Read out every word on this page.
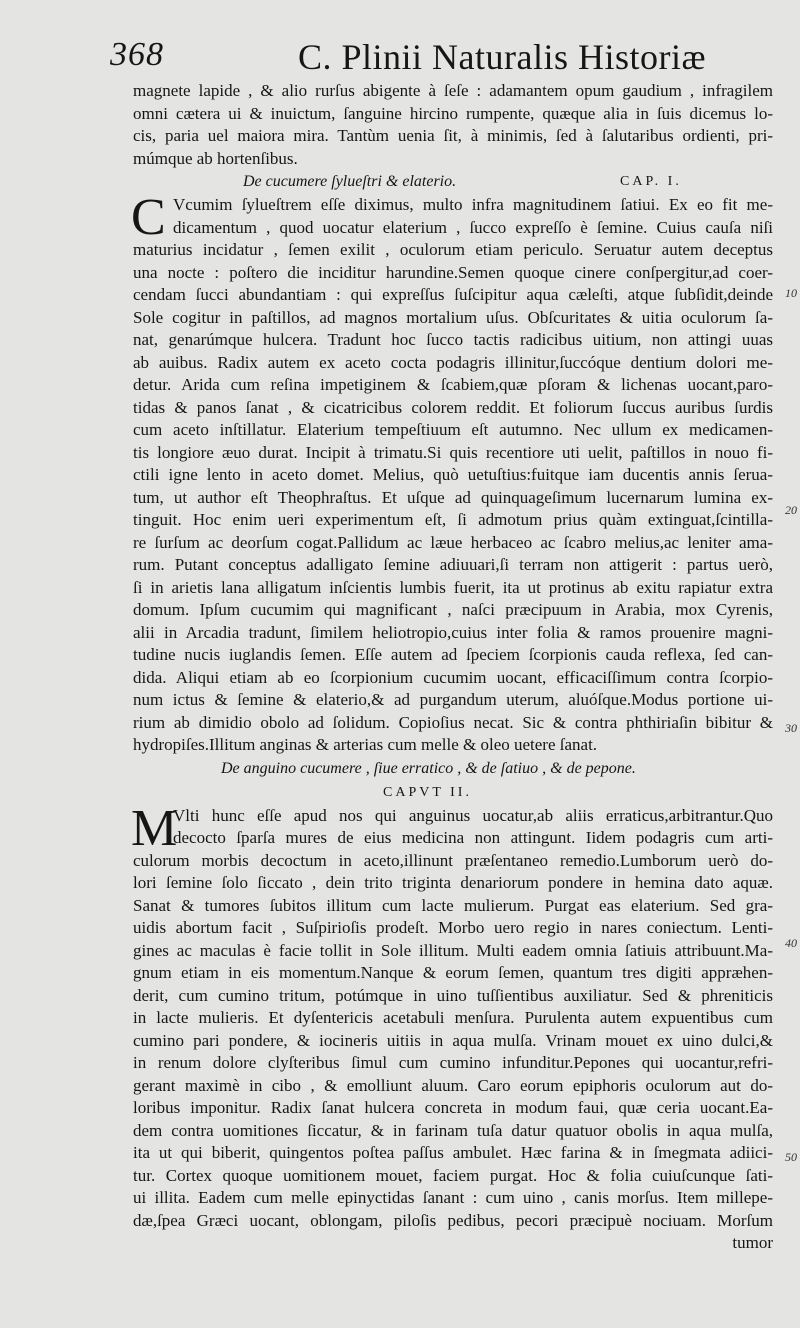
368	C. Plinii Naturalis Historiæ
magnete lapide , & alio rurſus abigente à ſeſe : adamantem opum gaudium , infragilem
omni cætera ui & inuictum, ſanguine hircino rumpente, quæque alia in ſuis dicemus lo-
cis, paria uel maiora mira. Tantùm uenia ſit, à minimis, ſed à ſalutaribus ordienti, pri-
múmque ab hortenſibus.
De cucumere ſylueſtri & elaterio.	CAP. I.
C Vcumim ſylueſtrem eſſe diximus, multo infra magnitudinem ſatiui. Ex eo fit me-
dicamentum , quod uocatur elaterium , ſucco expreſſo è ſemine. Cuius cauſa niſi
maturius incidatur , ſemen exilit , oculorum etiam periculo. Seruatur autem deceptus
una nocte : poſtero die inciditur harundine.Semen quoque cinere conſpergitur,ad coer-
cendam ſucci abundantiam : qui expreſſus ſuſcipitur aqua cæleſti, atque ſubſidit,deinde
Sole cogitur in paſtillos, ad magnos mortalium uſus. Obſcuritates & uitia oculorum ſa-
nat, genarúmque hulcera. Tradunt hoc ſucco tactis radicibus uitium, non attingi uuas
ab auibus. Radix autem ex aceto cocta podagris illinitur,ſuccóque dentium dolori me-
detur. Arida cum reſina impetiginem & ſcabiem,quæ pſoram & lichenas uocant,paro-
tidas & panos ſanat , & cicatricibus colorem reddit. Et foliorum ſuccus auribus ſurdis
cum aceto inſtillatur. Elaterium tempeſtiuum eſt autumno. Nec ullum ex medicamen-
tis longiore æuo durat. Incipit à trimatu.Si quis recentiore uti uelit, paſtillos in nouo fi-
ctili igne lento in aceto domet. Melius, quò uetuſtius:fuitque iam ducentis annis ſerua-
tum, ut author eſt Theophraſtus. Et uſque ad quinquageſimum lucernarum lumina ex-
tinguit. Hoc enim ueri experimentum eſt, ſi admotum prius quàm extinguat,ſcintilla-
re ſurſum ac deorſum cogat.Pallidum ac læue herbaceo ac ſcabro melius,ac leniter ama-
rum. Putant conceptus adalligato ſemine adiuuari,ſi terram non attigerit : partus uerò,
ſi in arietis lana alligatum inſcientis lumbis fuerit, ita ut protinus ab exitu rapiatur extra
domum. Ipſum cucumim qui magnificant , naſci præcipuum in Arabia, mox Cyrenis,
alii in Arcadia tradunt, ſimilem heliotropio,cuius inter folia & ramos prouenire magni-
tudine nucis iuglandis ſemen. Eſſe autem ad ſpeciem ſcorpionis cauda reflexa, ſed can-
dida. Aliqui etiam ab eo ſcorpionium cucumim uocant, efficaciſſimum contra ſcorpio-
num ictus & ſemine & elaterio,& ad purgandum uterum, aluóſque.Modus portione ui-
rium ab dimidio obolo ad ſolidum. Copioſius necat. Sic & contra phthiriaſin bibitur &
hydropiſes.Illitum anginas & arterias cum melle & oleo uetere ſanat.
De anguino cucumere , ſiue erratico , & de ſatiuo , & de pepone.
CAPVT II.
M
Vlti hunc eſſe apud nos qui anguinus uocatur,ab aliis erraticus,arbitrantur.Quo
decocto ſparſa mures de eius medicina non attingunt. Iidem podagris cum arti-
culorum morbis decoctum in aceto,illinunt præſentaneo remedio.Lumborum uerò do-
lori ſemine ſolo ſiccato , dein trito triginta denariorum pondere in hemina dato aquæ.
Sanat & tumores ſubitos illitum cum lacte mulierum. Purgat eas elaterium. Sed gra-
uidis abortum facit , Suſpirioſis prodeſt. Morbo uero regio in nares coniectum. Lenti-
gines ac maculas è facie tollit in Sole illitum. Multi eadem omnia ſatiuis attribuunt.Ma-
gnum etiam in eis momentum.Nanque & eorum ſemen, quantum tres digiti appræhen-
derit, cum cumino tritum, potúmque in uino tuſſientibus auxiliatur. Sed & phreniticis
in lacte mulieris. Et dyſentericis acetabuli menſura. Purulenta autem expuentibus cum
cumino pari pondere, & iocineris uitiis in aqua mulſa. Vrinam mouet ex uino dulci,&
in renum dolore clyſteribus ſimul cum cumino infunditur.Pepones qui uocantur,refri-
gerant maximè in cibo , & emolliunt aluum. Caro eorum epiphoris oculorum aut do-
loribus imponitur. Radix ſanat hulcera concreta in modum faui, quæ ceria uocant.Ea-
dem contra uomitiones ſiccatur, & in farinam tuſa datur quatuor obolis in aqua mulſa,
ita ut qui biberit, quingentos poſtea paſſus ambulet. Hæc farina & in ſmegmata adiici-
tur. Cortex quoque uomitionem mouet, faciem purgat. Hoc & folia cuiuſcunque ſati-
ui illita. Eadem cum melle epinyctidas ſanant : cum uino , canis morſus. Item millepe-
dæ,ſpea Græci uocant, oblongam, piloſis pedibus, pecori præcipuè nociuam. Morſum
tumor
10
20
30
40
50
